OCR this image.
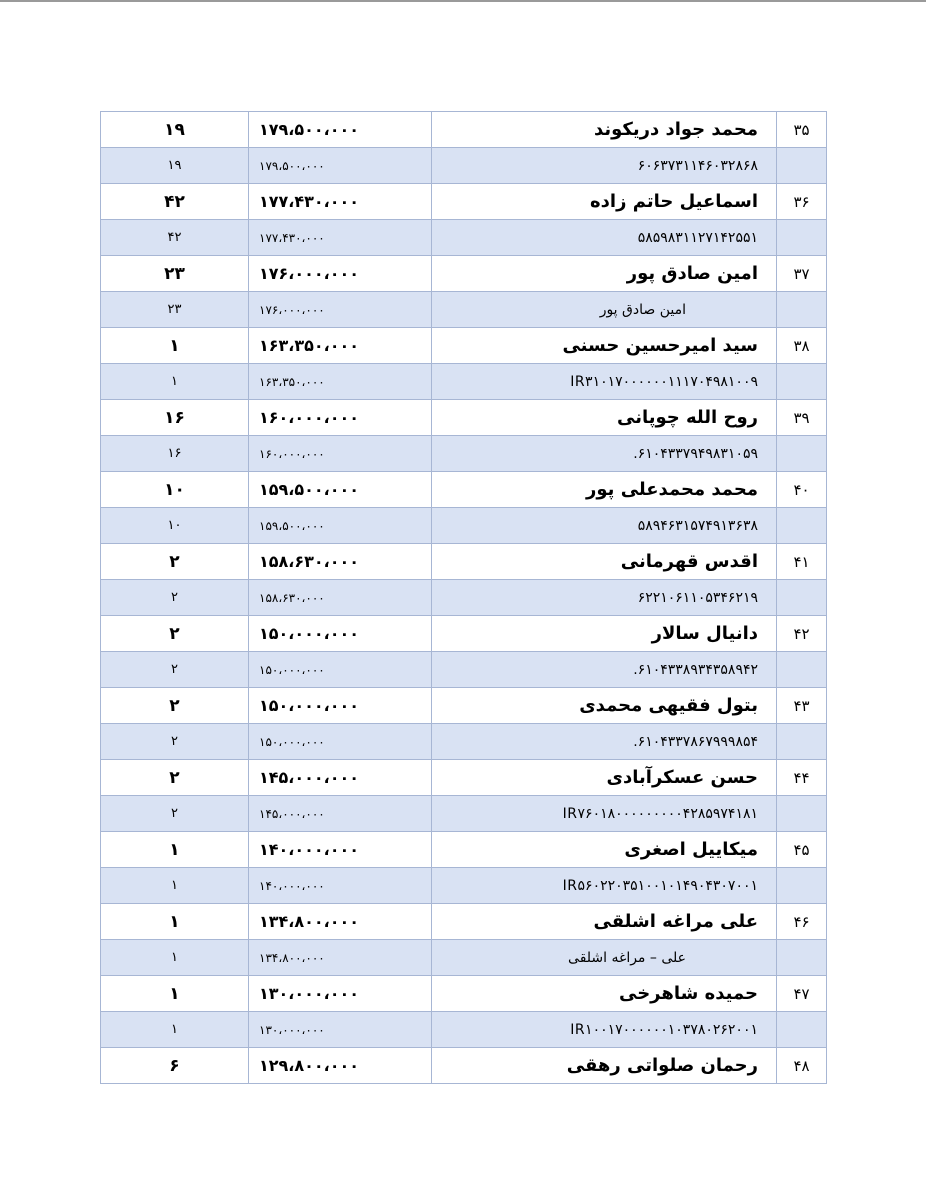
۳۵	محمد جواد دریکوند	۱۷۹،۵۰۰،۰۰۰	۱۹
	۶۰۶۳۷۳۱۱۴۶۰۳۲۸۶۸	۱۷۹،۵۰۰،۰۰۰	۱۹
۳۶	اسماعیل حاتم زاده	۱۷۷،۴۳۰،۰۰۰	۴۲
	۵۸۵۹۸۳۱۱۲۷۱۴۲۵۵۱	۱۷۷،۴۳۰،۰۰۰	۴۲
۳۷	امین صادق پور	۱۷۶،۰۰۰،۰۰۰	۲۳
	امین صادق پور	۱۷۶،۰۰۰،۰۰۰	۲۳
۳۸	سید امیرحسین حسنی	۱۶۳،۳۵۰،۰۰۰	۱
	IR۳۱۰۱۷۰۰۰۰۰۰۱۱۱۷۰۴۹۸۱۰۰۹	۱۶۳،۳۵۰،۰۰۰	۱
۳۹	روح الله چوپانی	۱۶۰،۰۰۰،۰۰۰	۱۶
	۶۱۰۴۳۳۷۹۴۹۸۳۱۰۵۹.	۱۶۰،۰۰۰،۰۰۰	۱۶
۴۰	محمد محمدعلی پور	۱۵۹،۵۰۰،۰۰۰	۱۰
	۵۸۹۴۶۳۱۵۷۴۹۱۳۶۳۸	۱۵۹،۵۰۰،۰۰۰	۱۰
۴۱	اقدس قهرمانی	۱۵۸،۶۳۰،۰۰۰	۲
	۶۲۲۱۰۶۱۱۰۵۳۴۶۲۱۹	۱۵۸،۶۳۰،۰۰۰	۲
۴۲	دانیال سالار	۱۵۰،۰۰۰،۰۰۰	۲
	۶۱۰۴۳۳۸۹۳۴۳۵۸۹۴۲.	۱۵۰،۰۰۰،۰۰۰	۲
۴۳	بتول فقیهی محمدی	۱۵۰،۰۰۰،۰۰۰	۲
	۶۱۰۴۳۳۷۸۶۷۹۹۹۸۵۴.	۱۵۰،۰۰۰،۰۰۰	۲
۴۴	حسن عسکرآبادی	۱۴۵،۰۰۰،۰۰۰	۲
	IR۷۶۰۱۸۰۰۰۰۰۰۰۰۰۴۲۸۵۹۷۴۱۸۱	۱۴۵،۰۰۰،۰۰۰	۲
۴۵	میکاییل اصغری	۱۴۰،۰۰۰،۰۰۰	۱
	IR۵۶۰۲۲۰۳۵۱۰۰۱۰۱۴۹۰۴۳۰۷۰۰۱	۱۴۰،۰۰۰،۰۰۰	۱
۴۶	علی مراغه اشلقی	۱۳۴،۸۰۰،۰۰۰	۱
	علی – مراغه اشلقی	۱۳۴،۸۰۰،۰۰۰	۱
۴۷	حمیده شاهرخی	۱۳۰،۰۰۰،۰۰۰	۱
	IR۱۰۰۱۷۰۰۰۰۰۰۱۰۳۷۸۰۲۶۲۰۰۱	۱۳۰،۰۰۰،۰۰۰	۱
۴۸	رحمان صلواتی رهقی	۱۲۹،۸۰۰،۰۰۰	۶
